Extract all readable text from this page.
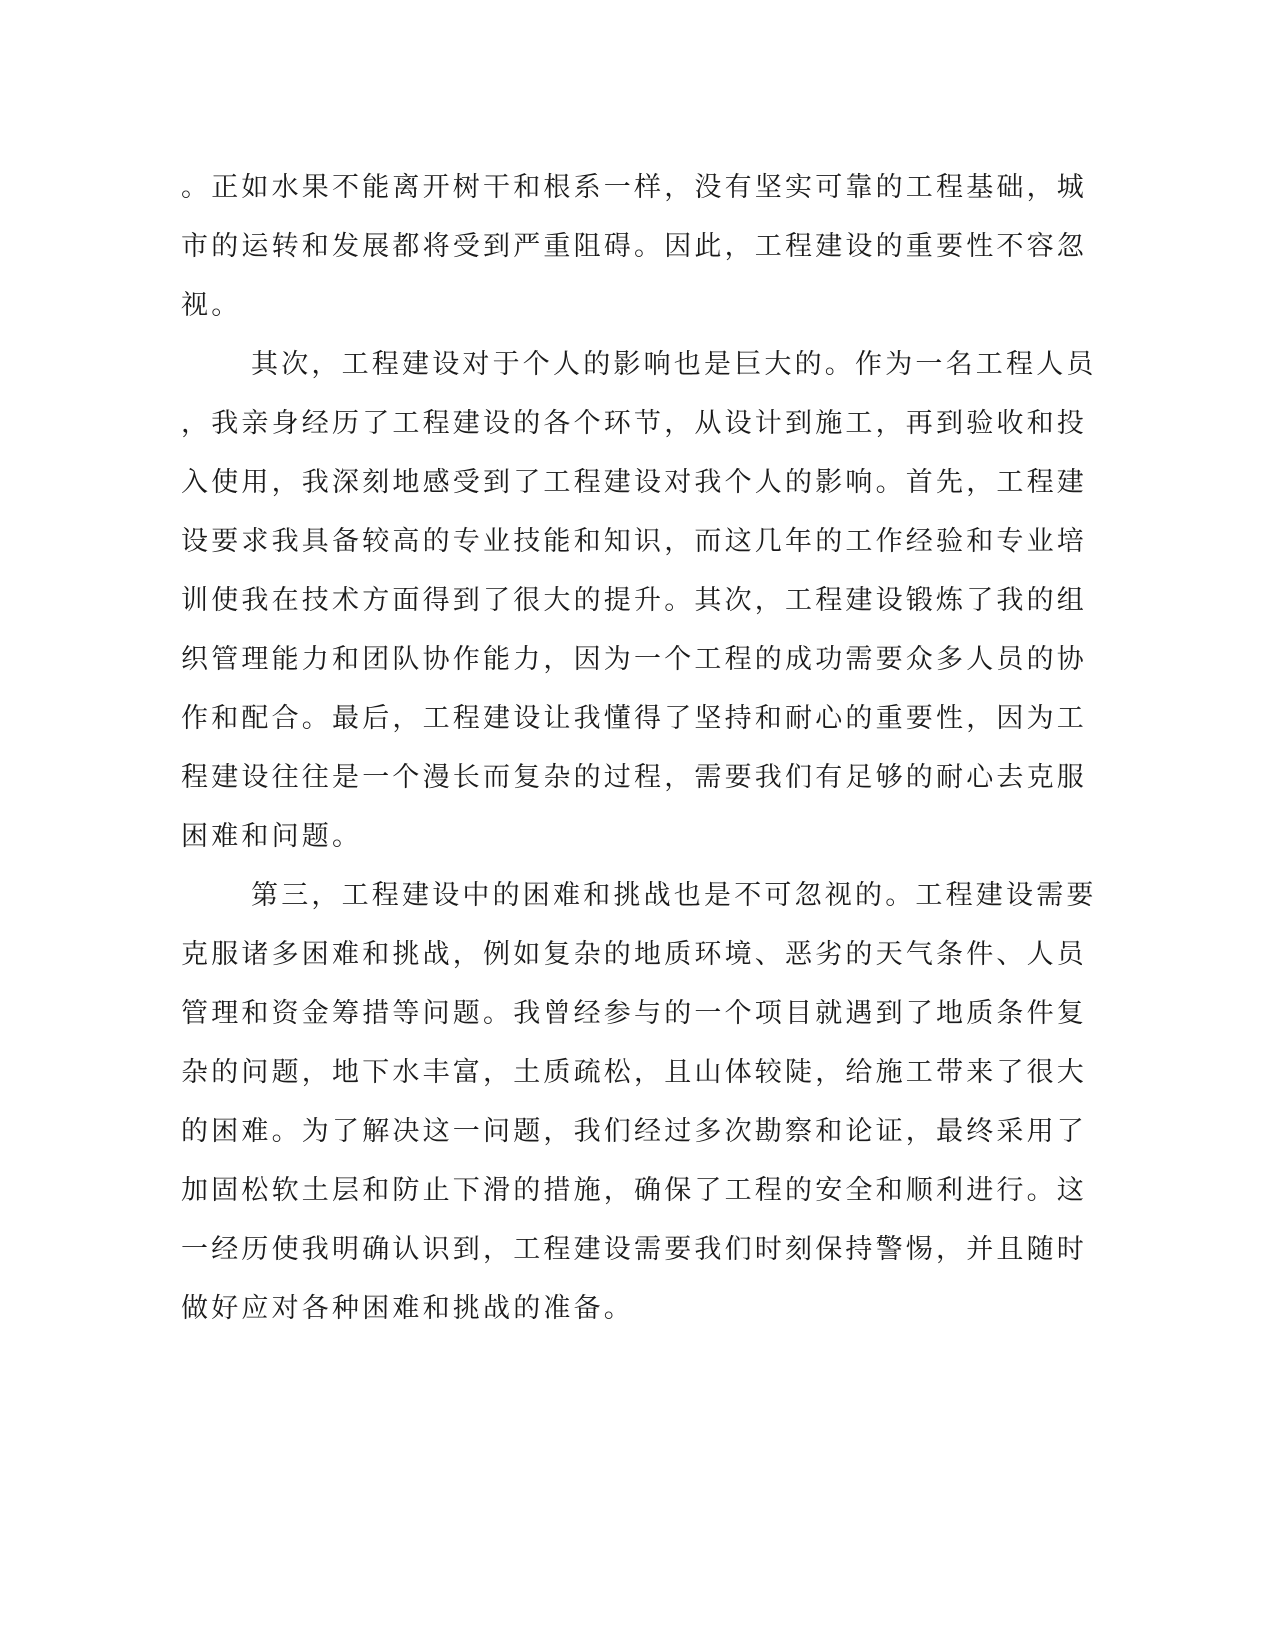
。正如水果不能离开树干和根系一样，没有坚实可靠的工程基础，城
市的运转和发展都将受到严重阻碍。因此，工程建设的重要性不容忽
视。
其次，工程建设对于个人的影响也是巨大的。作为一名工程人员
，我亲身经历了工程建设的各个环节，从设计到施工，再到验收和投
入使用，我深刻地感受到了工程建设对我个人的影响。首先，工程建
设要求我具备较高的专业技能和知识，而这几年的工作经验和专业培
训使我在技术方面得到了很大的提升。其次，工程建设锻炼了我的组
织管理能力和团队协作能力，因为一个工程的成功需要众多人员的协
作和配合。最后，工程建设让我懂得了坚持和耐心的重要性，因为工
程建设往往是一个漫长而复杂的过程，需要我们有足够的耐心去克服
困难和问题。
第三，工程建设中的困难和挑战也是不可忽视的。工程建设需要
克服诸多困难和挑战，例如复杂的地质环境、恶劣的天气条件、人员
管理和资金筹措等问题。我曾经参与的一个项目就遇到了地质条件复
杂的问题，地下水丰富，土质疏松，且山体较陡，给施工带来了很大
的困难。为了解决这一问题，我们经过多次勘察和论证，最终采用了
加固松软土层和防止下滑的措施，确保了工程的安全和顺利进行。这
一经历使我明确认识到，工程建设需要我们时刻保持警惕，并且随时
做好应对各种困难和挑战的准备。
